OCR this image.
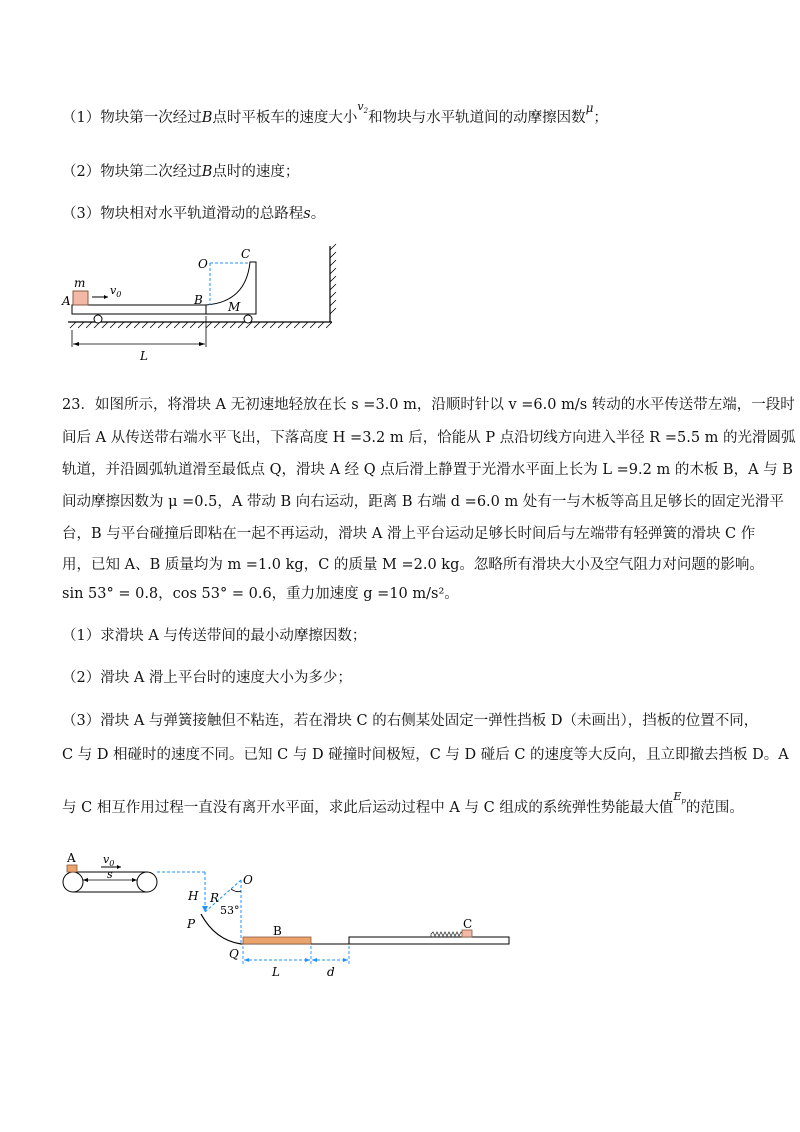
（1）物块第一次经过B点时平板车的速度大小$^{v_2}$和物块与水平轨道间的动摩擦因数$^\mu$；
（2）物块第二次经过B点时的速度；
（3）物块相对水平轨道滑动的总路程s。
m
$v_0$
A	B M
O
C
L
23．如图所示，将滑块 A 无初速地轻放在长 s =3.0 m，沿顺时针以 v =6.0 m/s 转动的水平传送带左端，一段时
间后 A 从传送带右端水平飞出，下落高度 H =3.2 m 后，恰能从 P 点沿切线方向进入半径 R =5.5 m 的光滑圆弧
轨道，并沿圆弧轨道滑至最低点 Q，滑块 A 经 Q 点后滑上静置于光滑水平面上长为 L =9.2 m 的木板 B，A 与 B
间动摩擦因数为 μ =0.5，A 带动 B 向右运动，距离 B 右端 d =6.0 m 处有一与木板等高且足够长的固定光滑平
台，B 与平台碰撞后即粘在一起不再运动，滑块 A 滑上平台运动足够长时间后与左端带有轻弹簧的滑块 C 作
用，已知 A、B 质量均为 m =1.0 kg，C 的质量 M =2.0 kg。忽略所有滑块大小及空气阻力对问题的影响。
sin 53° = 0.8，cos 53° = 0.6，重力加速度 g =10 m/s²。
（1）求滑块 A 与传送带间的最小动摩擦因数；
（2）滑块 A 滑上平台时的速度大小为多少；
（3）滑块 A 与弹簧接触但不粘连，若在滑块 C 的右侧某处固定一弹性挡板 D（未画出），挡板的位置不同，
C 与 D 相碰时的速度不同。已知 C 与 D 碰撞时间极短，C 与 D 碰后 C 的速度等大反向，且立即撤去挡板 D。A
与 C 相互作用过程一直没有离开水平面，求此后运动过程中 A 与 C 组成的系统弹性势能最大值$^{E_p}$的范围。
A $v_0$
s
H R
O
53°
P
Q
B	C
L	d
